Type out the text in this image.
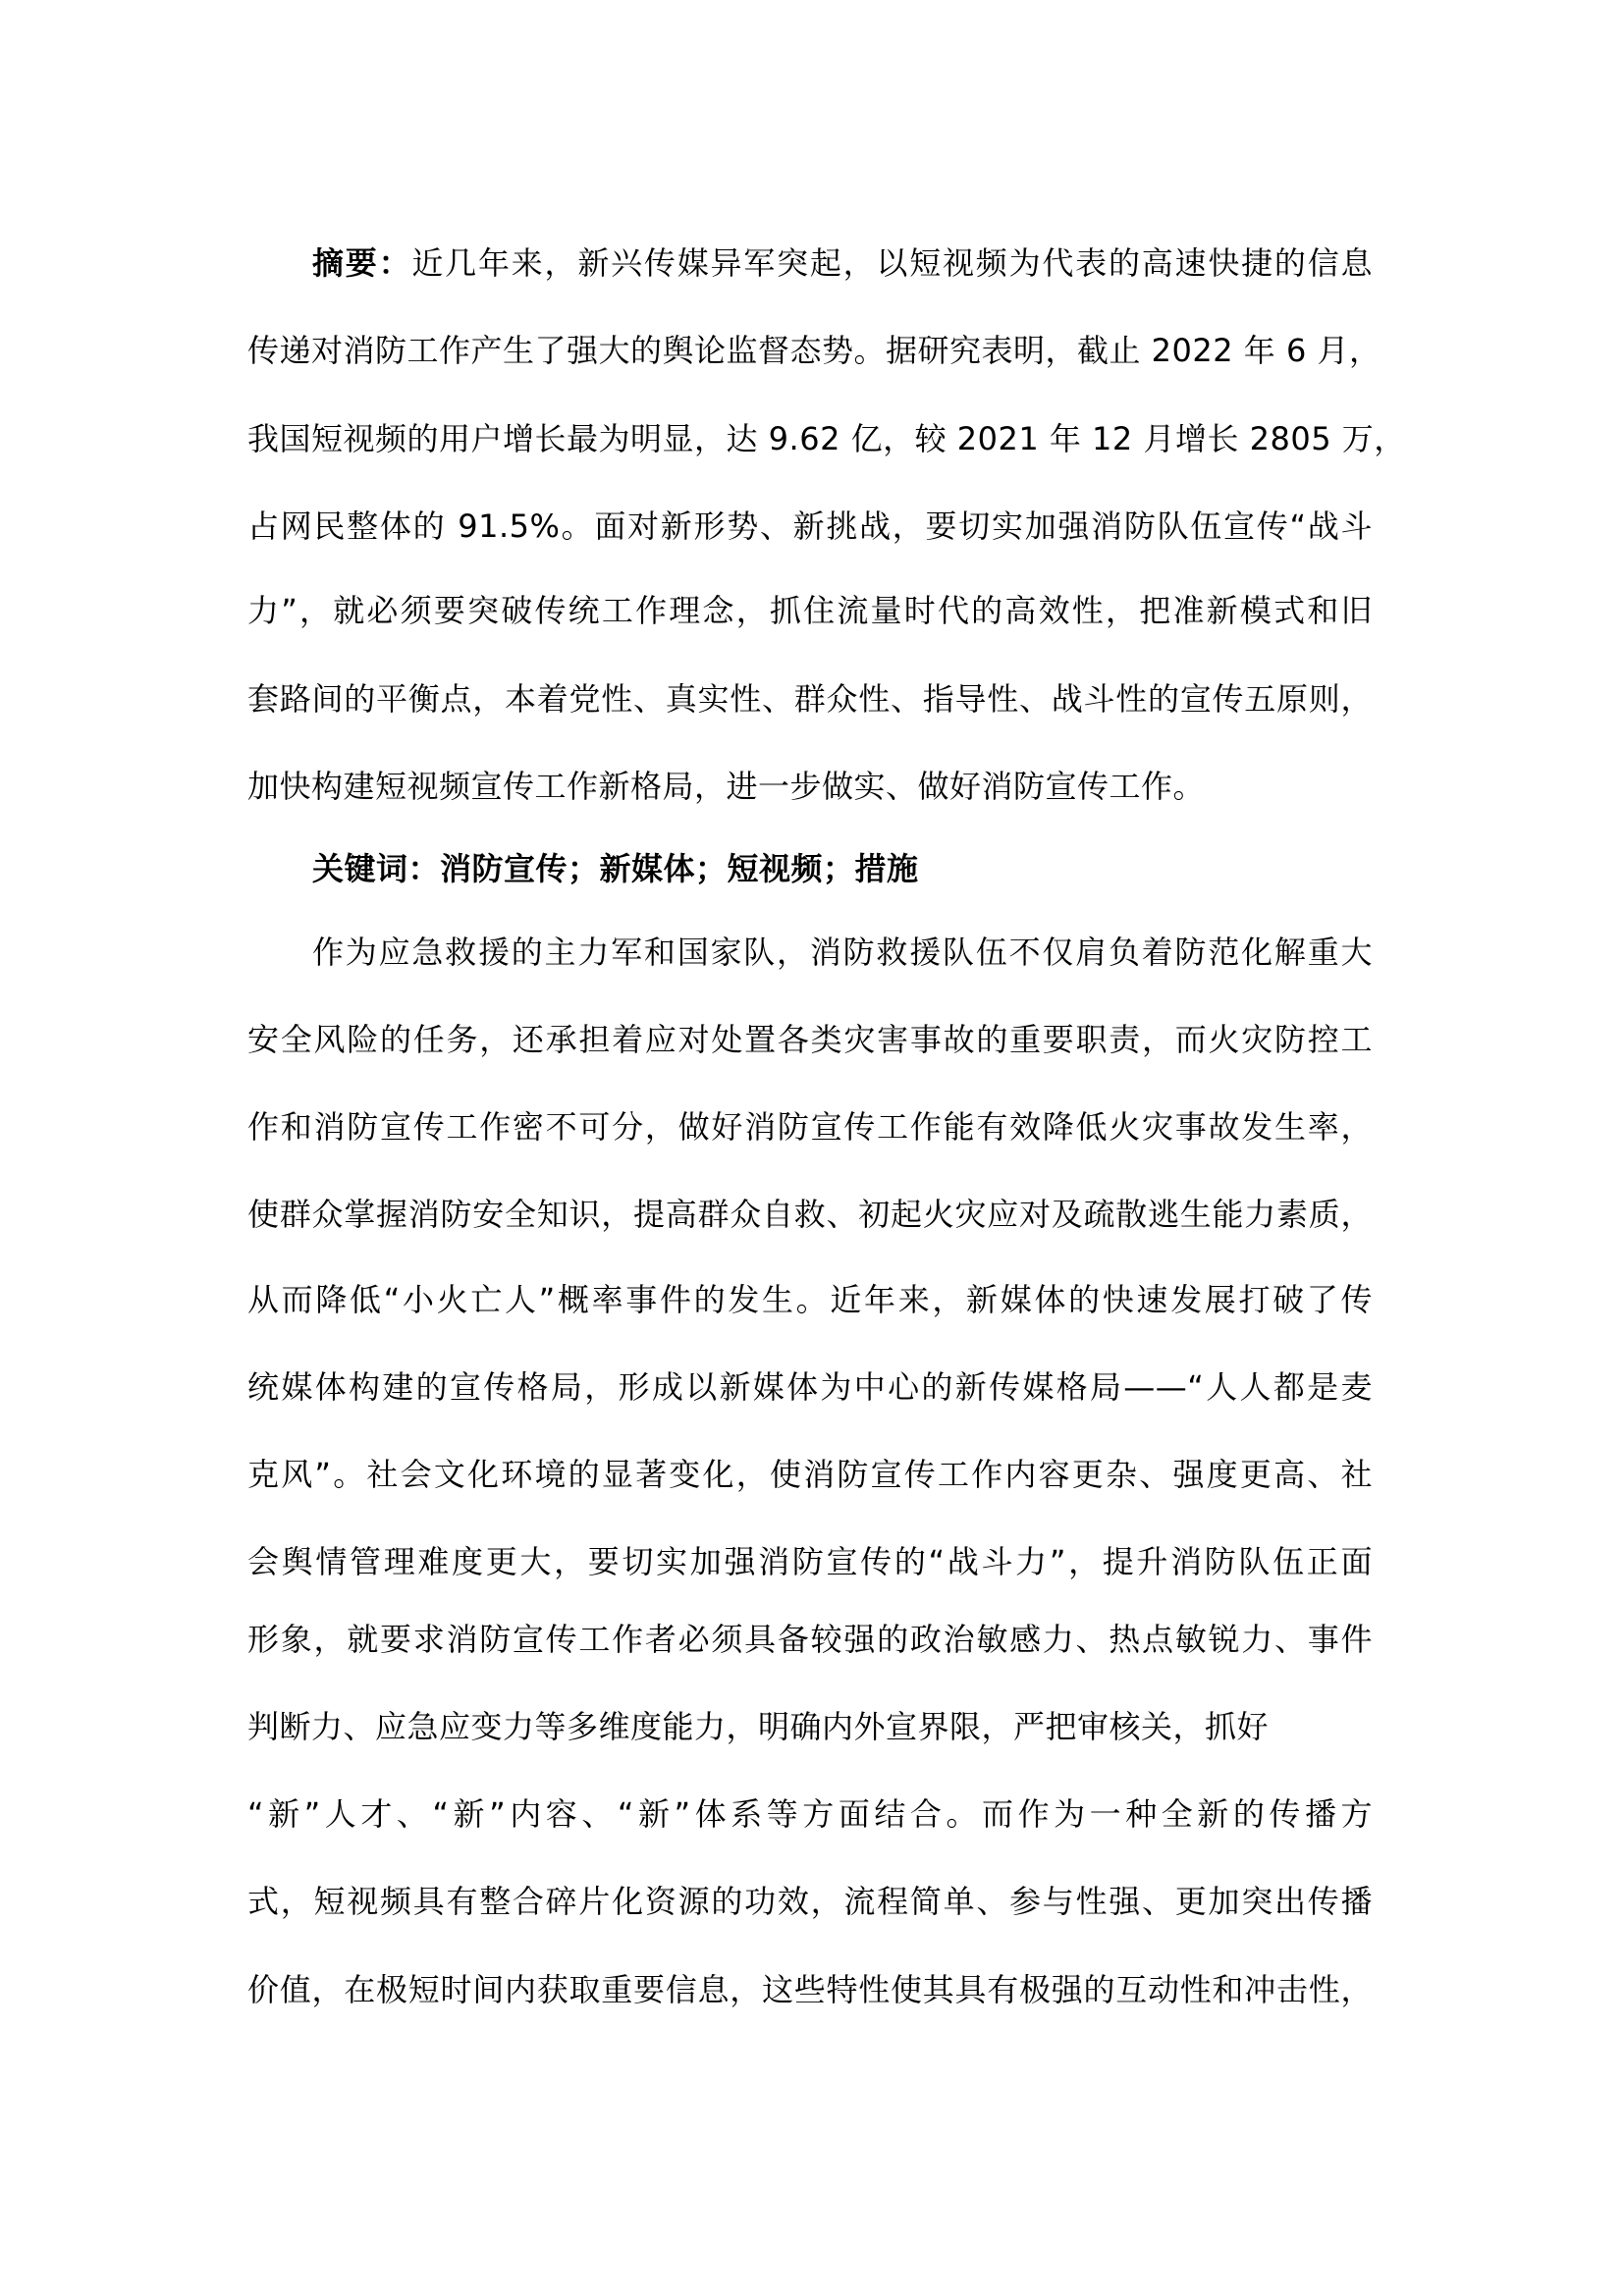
摘要：近几年来，新兴传媒异军突起，以短视频为代表的高速快捷的信息
传递对消防工作产生了强大的舆论监督态势。据研究表明，截止 2022 年 6 月，
我国短视频的用户增长最为明显，达 9.62 亿，较 2021 年 12 月增长 2805 万，
占网民整体的 91.5%。面对新形势、新挑战，要切实加强消防队伍宣传“战斗
力”，就必须要突破传统工作理念，抓住流量时代的高效性，把准新模式和旧
套路间的平衡点，本着党性、真实性、群众性、指导性、战斗性的宣传五原则，
加快构建短视频宣传工作新格局，进一步做实、做好消防宣传工作。
关键词：消防宣传；新媒体；短视频；措施
作为应急救援的主力军和国家队，消防救援队伍不仅肩负着防范化解重大
安全风险的任务，还承担着应对处置各类灾害事故的重要职责，而火灾防控工
作和消防宣传工作密不可分，做好消防宣传工作能有效降低火灾事故发生率，
使群众掌握消防安全知识，提高群众自救、初起火灾应对及疏散逃生能力素质，
从而降低“小火亡人”概率事件的发生。近年来，新媒体的快速发展打破了传
统媒体构建的宣传格局，形成以新媒体为中心的新传媒格局——“人人都是麦
克风”。社会文化环境的显著变化，使消防宣传工作内容更杂、强度更高、社
会舆情管理难度更大，要切实加强消防宣传的“战斗力”，提升消防队伍正面
形象，就要求消防宣传工作者必须具备较强的政治敏感力、热点敏锐力、事件
判断力、应急应变力等多维度能力，明确内外宣界限，严把审核关，抓好
“新”人才、“新”内容、“新”体系等方面结合。而作为一种全新的传播方
式，短视频具有整合碎片化资源的功效，流程简单、参与性强、更加突出传播
价值，在极短时间内获取重要信息，这些特性使其具有极强的互动性和冲击性，
